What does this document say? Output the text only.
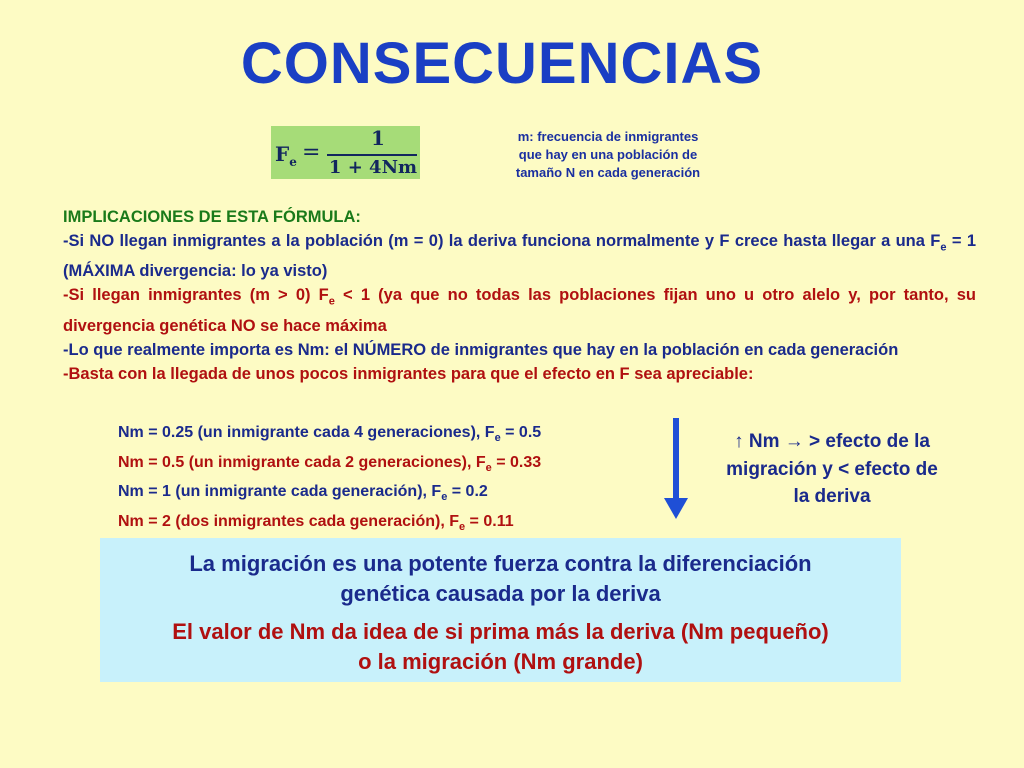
CONSECUENCIAS
$F_e$ =
1
1 + 4Nm
m: frecuencia de inmigrantes
que hay en una población de
tamaño N en cada generación
IMPLICACIONES DE ESTA FÓRMULA:
-Si NO llegan inmigrantes a la población (m = 0) la deriva funciona normalmente y F crece hasta llegar a una $F_e = 1$ (MÁXIMA divergencia: lo ya visto)
-Si llegan inmigrantes (m > 0) $F_e < 1$ (ya que no todas las poblaciones fijan uno u otro alelo y, por tanto, su divergencia genética NO se hace máxima
-Lo que realmente importa es Nm: el NÚMERO de inmigrantes que hay en la población en cada generación
-Basta con la llegada de unos pocos inmigrantes para que el efecto en F sea apreciable:
Nm = 0.25 (un inmigrante cada 4 generaciones), $F_e = 0.5$
Nm = 0.5 (un inmigrante cada 2 generaciones), $F_e = 0.33$
Nm = 1 (un inmigrante cada generación), $F_e = 0.2$
Nm = 2 (dos inmigrantes cada generación), $F_e = 0.11$
↑ Nm → > efecto de la
migración y < efecto de
la deriva
La migración es una potente fuerza contra la diferenciación
genética causada por la deriva
El valor de Nm da idea de si prima más la deriva (Nm pequeño)
o la migración (Nm grande)
